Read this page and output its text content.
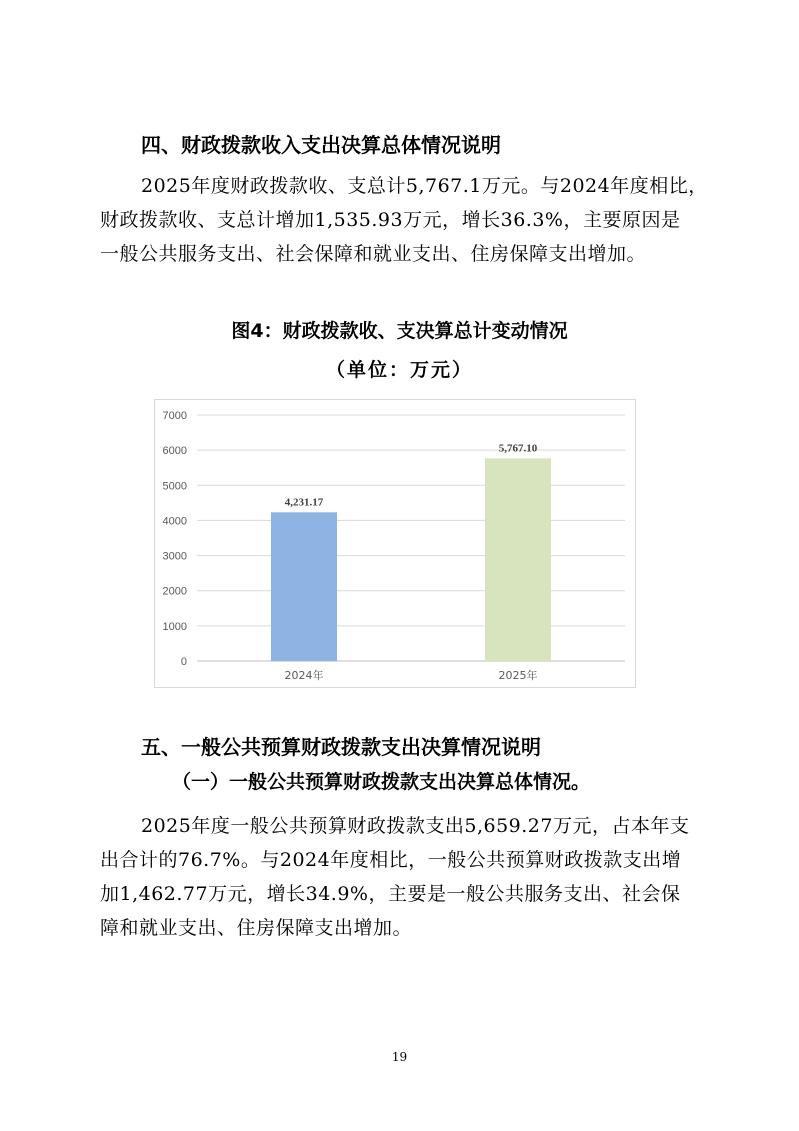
四、财政拨款收入支出决算总体情况说明

2025年度财政拨款收、支总计5,767.1万元。与2024年度相比，

财政拨款收、支总计增加1,535.93万元，增长36.3%，主要原因是

一般公共服务支出、社会保障和就业支出、住房保障支出增加。

图4：财政拨款收、支决算总计变动情况
（单位：万元）
0
1000
2000
3000
4000
5000
6000
7000
4,231.17
2024年
5,767.10
2025年
五、一般公共预算财政拨款支出决算情况说明
（一）一般公共预算财政拨款支出决算总体情况。

2025年度一般公共预算财政拨款支出5,659.27万元，占本年支

出合计的76.7%。与2024年度相比，一般公共预算财政拨款支出增

加1,462.77万元，增长34.9%，主要是一般公共服务支出、社会保

障和就业支出、住房保障支出增加。

19
